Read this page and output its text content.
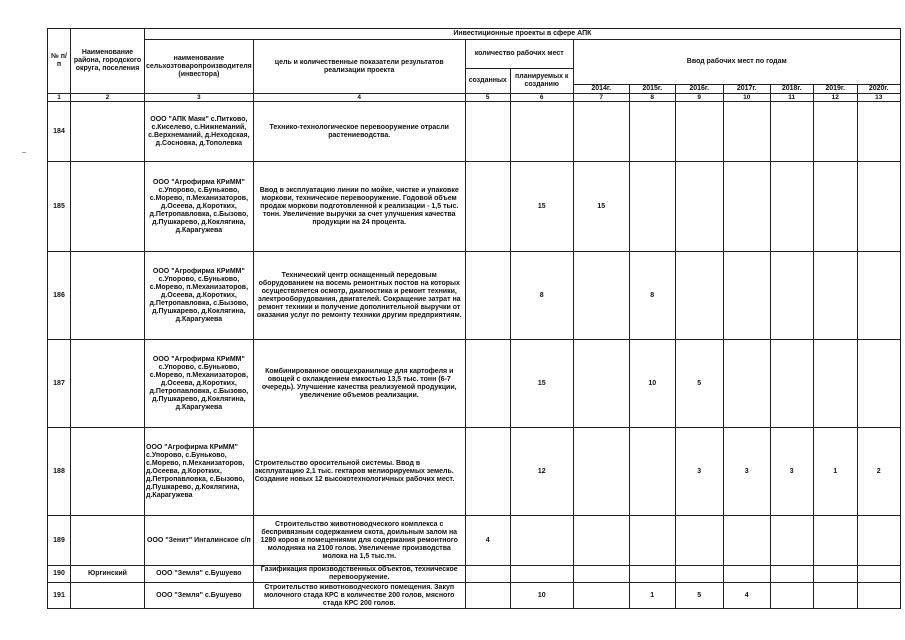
№ п/п	Наименование района, городского округа, поселения	Инвестиционные проекты в сфере АПК										
		наименование сельхозтоваропроизводителя (инвестора)	цель и количественные показатели результатов реализации проекта	количество рабочих мест		Ввод рабочих мест по годам						
				созданных	планируемых к созданию							
						2014г.	2015г.	2016г.	2017г.	2018г.	2019г.	2020г.
1	2	3	4	5	6	7	8	9	10	11	12	13
184		ООО "АПК Маяк" с.Питково, с.Киселево, с.Нижнеманий, с.Верхнеманий, д.Неходская, д.Сосновка, д.Тополевка	Технико-технологическое перевооружение отрасли растениеводства.									
185		ООО "Агрофирма КРиММ" с.Упорово, с.Буньково, с.Морево, п.Механизаторов, д.Осеева, д.Коротких, д.Петропавловка, с.Бызово, д.Пушкарево, д.Коклягина, д.Карагужева	Ввод в эксплуатацию линии по мойке, чистке и упаковке моркови, техническое перевооружение. Годовой объем продаж моркови подготовленной к реализации - 1,5 тыс. тонн. Увеличение выручки за счет улучшения качества продукции на 24 процента.		15	15						
186		ООО "Агрофирма КРиММ" с.Упорово, с.Буньково, с.Морево, п.Механизаторов, д.Осеева, д.Коротких, д.Петропавловка, с.Бызово, д.Пушкарево, д.Коклягина, д.Карагужева	Технический центр оснащенный передовым оборудованием на восемь ремонтных постов на которых осуществляется осмотр, диагностика и ремонт техники, электрооборудования, двигателей. Сокращение затрат на ремонт техники и получение дополнительной выручки от оказания услуг по ремонту техники другим предприятиям.		8		8					
187		ООО "Агрофирма КРиММ" с.Упорово, с.Буньково, с.Морево, п.Механизаторов, д.Осеева, д.Коротких, д.Петропавловка, с.Бызово, д.Пушкарево, д.Коклягина, д.Карагужева	Комбинированное овощехранилище для картофеля и овощей с охлаждением емкостью 13,5 тыс. тонн (6-7 очередь). Улучшение качества реализуемой продукции, увеличение объемов реализации.		15		10	5				
188		ООО "Агрофирма КРиММ" с.Упорово, с.Буньково, с.Морево, п.Механизаторов, д.Осеева, д.Коротких, д.Петропавловка, с.Бызово, д.Пушкарево, д.Коклягина, д.Карагужева	Строительство оросительной системы. Ввод в эксплуатацию 2,1 тыс. гектаров мелиорируемых земель. Создание новых 12 высокотехнологичных рабочих мест.		12			3	3	3	1	2
189		ООО "Зенит" Ингалинское с/п	Строительство животноводческого комплекса с беспривязным содержанием скота, доильным залом на 1280 коров и помещениями для содержания ремонтного молодняка на 2100 голов. Увеличение производства молока на 1,5 тыс.тн.	4								
190	Юргинский	ООО "Земля" с.Бушуево	Газификация производственных объектов, техническое перевооружение.									
191		ООО "Земля" с.Бушуево	Строительство животноводческого помещения. Закуп молочного стада КРС в количестве 200 голов, мясного стада КРС 200 голов.		10		1	5	4			
